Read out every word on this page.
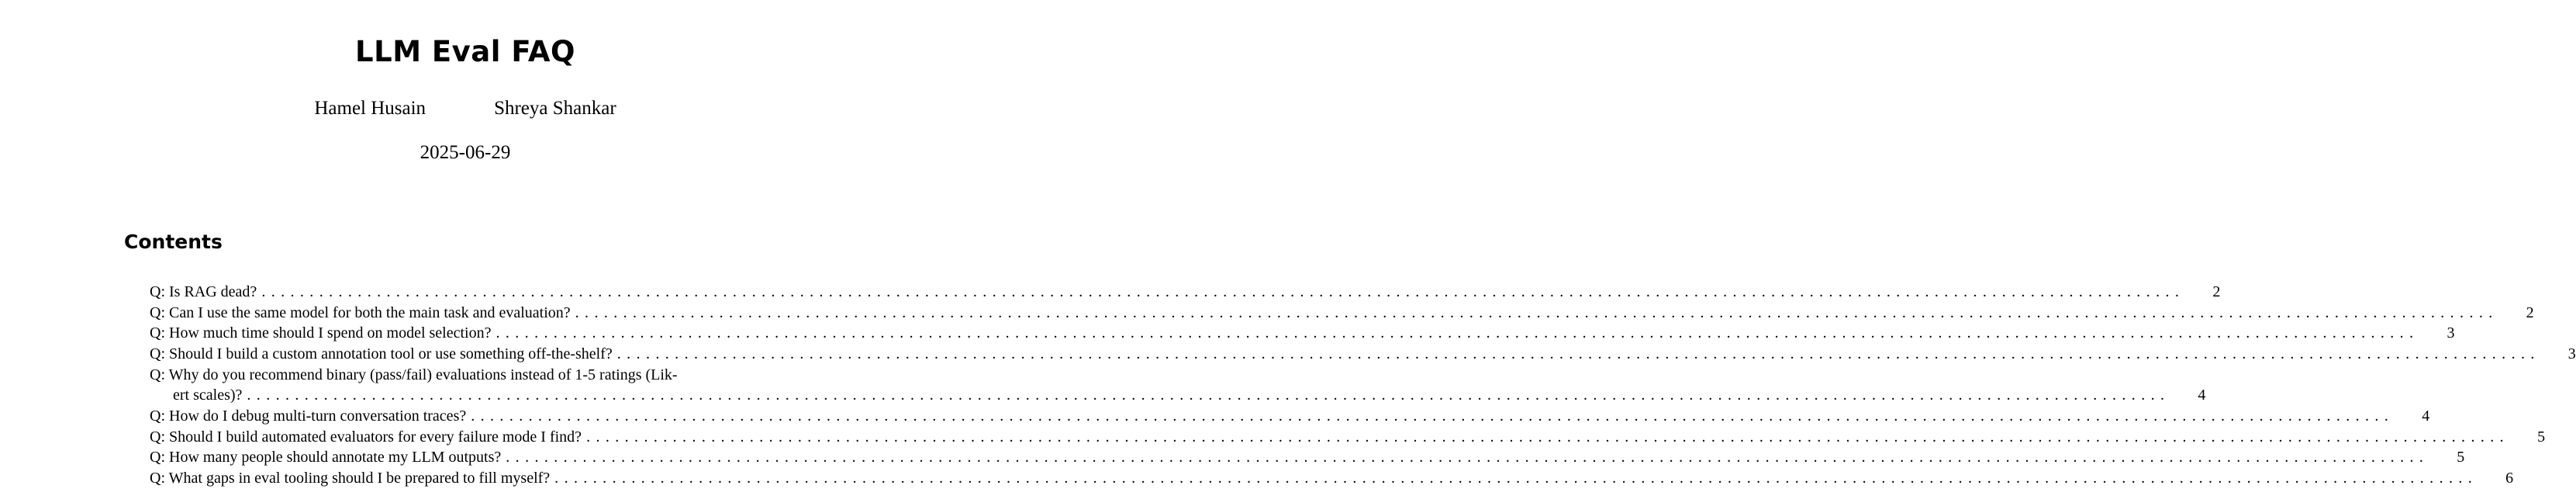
LLM Eval FAQ
Hamel Husain	Shreya Shankar
2025-06-29
Contents
Q: Is RAG dead? ........................................................................................................................................................................................................	2
Q: Can I use the same model for both the main task and evaluation? ........................................................................................................................................................................................................	2
Q: How much time should I spend on model selection? ........................................................................................................................................................................................................	3
Q: Should I build a custom annotation tool or use something off-the-shelf? ........................................................................................................................................................................................................	3
Q: Why do you recommend binary (pass/fail) evaluations instead of 1-5 ratings (Lik-
ert scales)? ........................................................................................................................................................................................................	4
Q: How do I debug multi-turn conversation traces? ........................................................................................................................................................................................................	4
Q: Should I build automated evaluators for every failure mode I find? ........................................................................................................................................................................................................	5
Q: How many people should annotate my LLM outputs? ........................................................................................................................................................................................................	5
Q: What gaps in eval tooling should I be prepared to fill myself? ........................................................................................................................................................................................................	6
